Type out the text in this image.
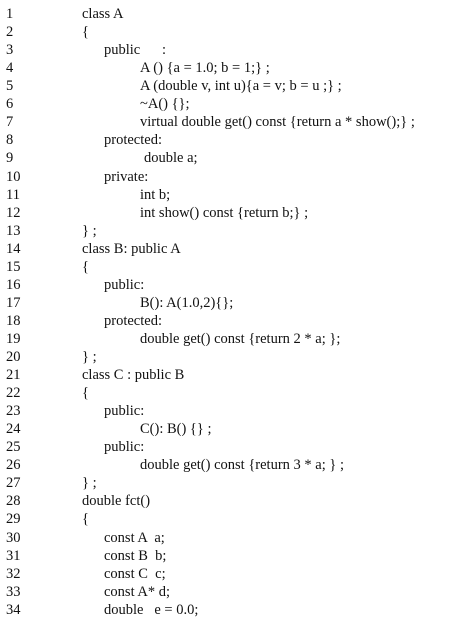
1	class A
2	{
3	public      :
4	A () {a = 1.0; b = 1;} ;
5	A (double v, int u){a = v; b = u ;} ;
6	~A() {};
7	virtual double get() const {return a * show();} ;
8	protected:
9	double a;
10	private:
11	int b;
12	int show() const {return b;} ;
13	} ;
14	class B: public A
15	{
16	public:
17	B(): A(1.0,2){};
18	protected:
19	double get() const {return 2 * a; };
20	} ;
21	class C : public B
22	{
23	public:
24	C(): B() {} ;
25	public:
26	double get() const {return 3 * a; } ;
27	} ;
28	double fct()
29	{
30	const A  a;
31	const B  b;
32	const C  c;
33	const A* d;
34	double   e = 0.0;
